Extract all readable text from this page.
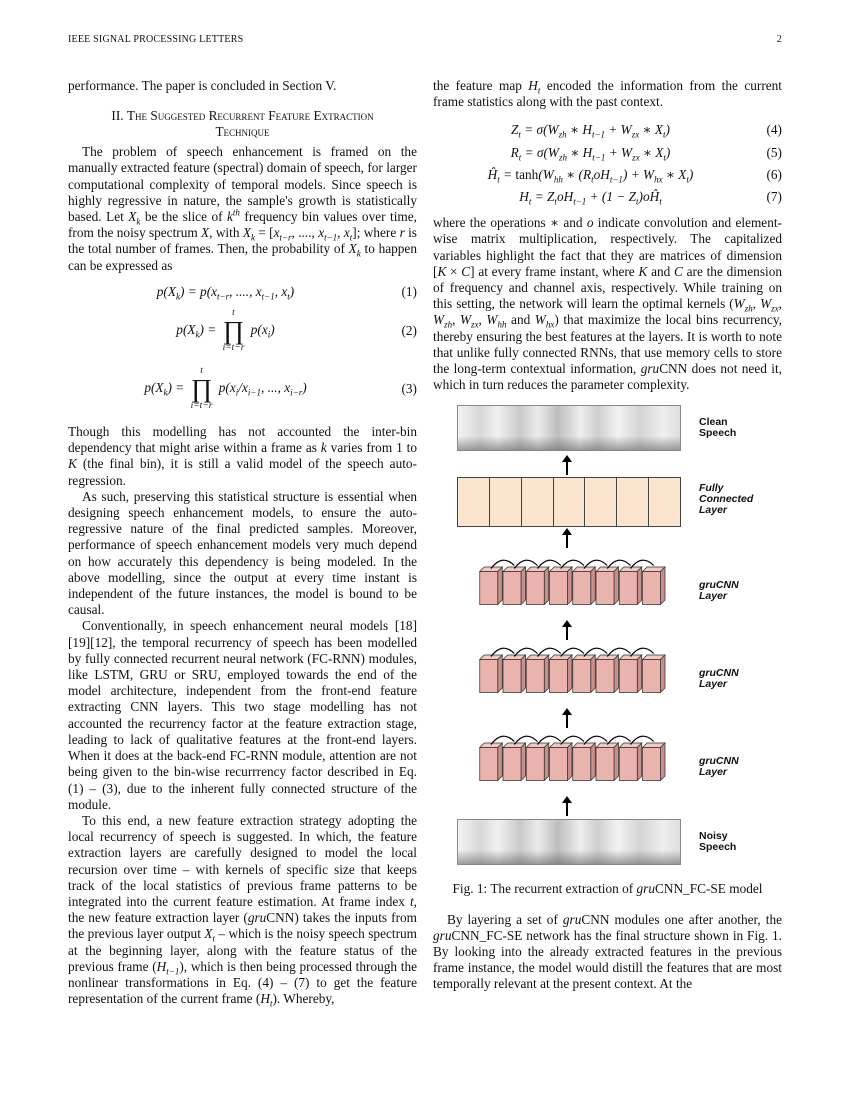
IEEE SIGNAL PROCESSING LETTERS	2

performance. The paper is concluded in Section V.

II. The Suggested Recurrent Feature Extraction
Technique

The problem of speech enhancement is framed on the manually extracted feature (spectral) domain of speech, for larger computational complexity of temporal models. Since speech is highly regressive in nature, the sample's growth is statistically based. Let $X_k$ be the slice of $k^{th}$ frequency bin values over time, from the noisy spectrum X, with $X_k = [x_{t-r}$, ...., $x_{t-1}$, $x_t$]; where r is the total number of frames. Then, the probability of $X_k$ to happen can be expressed as

$p(X_k) = p(x_{t-r}$, ...., $x_{t-1}$, $x_t$)	(1)
$p(X_k)$ =
t
∏
i=t−r
$p(x_i)$	(2)
$p(X_k)$ =
t
∏
i=t−r
$p(x_i/x_{i-1}$, ..., $x_{i-r}$)	(3)

Though this modelling has not accounted the inter-bin dependency that might arise within a frame as k varies from 1 to K (the final bin), it is still a valid model of the speech auto-regression.

As such, preserving this statistical structure is essential when designing speech enhancement models, to ensure the auto-regressive nature of the final predicted samples. Moreover, performance of speech enhancement models very much depend on how accurately this dependency is being modeled. In the above modelling, since the output at every time instant is independent of the future instances, the model is bound to be causal.

Conventionally, in speech enhancement neural models [18][19][12], the temporal recurrency of speech has been modelled by fully connected recurrent neural network (FC-RNN) modules, like LSTM, GRU or SRU, employed towards the end of the model architecture, independent from the front-end feature extracting CNN layers. This two stage modelling has not accounted the recurrency factor at the feature extraction stage, leading to lack of qualitative features at the front-end layers. When it does at the back-end FC-RNN module, attention are not being given to the bin-wise recurrrency factor described in Eq. (1) – (3), due to the inherent fully connected structure of the module.

To this end, a new feature extraction strategy adopting the local recurrency of speech is suggested. In which, the feature extraction layers are carefully designed to model the local recursion over time – with kernels of specific size that keeps track of the local statistics of previous frame patterns to be integrated into the current feature estimation. At frame index t, the new feature extraction layer (gruCNN) takes the inputs from the previous layer output $X_t$ – which is the noisy speech spectrum at the beginning layer, along with the feature status of the previous frame $(H_{t-1})$, which is then being processed through the nonlinear transformations in Eq. (4) – (7) to get the feature representation of the current frame $(H_t)$. Whereby,

the feature map $H_t$ encoded the information from the current frame statistics along with the past context.

$Z_t = \sigma(W_{zh}$ ∗ $H_{t-1} + W_{zx}$ ∗ $X_t$)	(4)
$R_t = \sigma(W_{zh}$ ∗ $H_{t-1} + W_{zx}$ ∗ $X_t$)	(5)
$Ĥ_t = \tanh(W_{hh}$ ∗ $(R_toH_{t-1}) + W_{hx}$ ∗ $X_t$)	(6)
$H_t = Z_toH_{t-1} + (1$ − $Z_t)oĤ_t$	(7)

where the operations ∗ and o indicate convolution and element-wise matrix multiplication, respectively. The capitalized variables highlight the fact that they are matrices of dimension [K × C] at every frame instant, where K and C are the dimension of frequency and channel axis, respectively. While training on this setting, the network will learn the optimal kernels ($W_{zh}$, $W_{zx}$, $W_{zh}$, $W_{zx}$, $W_{hh}$ and $W_{hx}$) that maximize the local bins recurrency, thereby ensuring the best features at the layers. It is worth to note that unlike fully connected RNNs, that use memory cells to store the long-term contextual information, gruCNN does not need it, which in turn reduces the parameter complexity.

Clean
Speech
Fully
Connected
Layer
gruCNN
Layer
gruCNN
Layer
gruCNN
Layer
Noisy
Speech
Fig. 1: The recurrent extraction of gruCNN_FC-SE model

By layering a set of gruCNN modules one after another, the gruCNN_FC-SE network has the final structure shown in Fig. 1. By looking into the already extracted features in the previous frame instance, the model would distill the features that are most temporally relevant at the present context. At the
